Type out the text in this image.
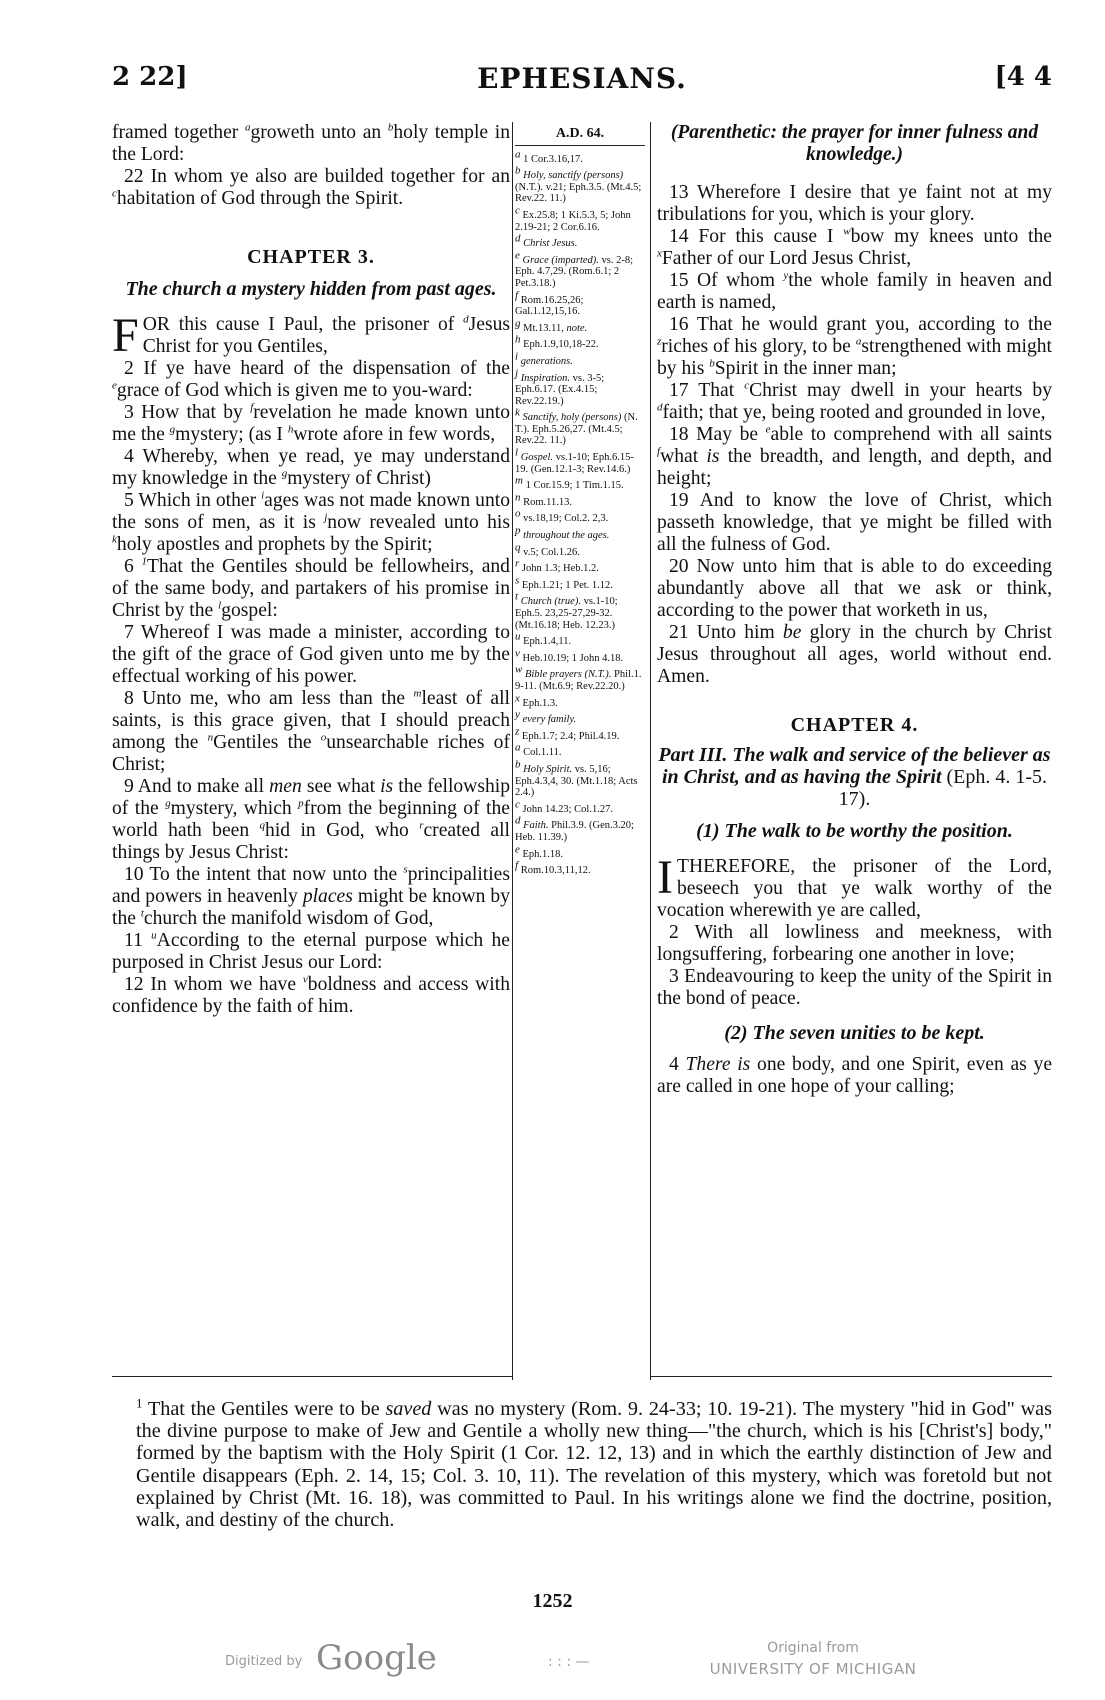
2 22]	EPHESIANS.	[4 4

framed together $^a$groweth unto an $^b$holy temple in the Lord:

22 In whom ye also are builded together for an $^c$habitation of God through the Spirit.

CHAPTER 3.
The church a mystery hidden from past ages.

F OR this cause I Paul, the prisoner of $^d$Jesus Christ for you Gentiles,

2 If ye have heard of the dispensation of the $^e$grace of God which is given me to you-ward:

3 How that by $^f$revelation he made known unto me the $^g$mystery; (as I $^h$wrote afore in few words,

4 Whereby, when ye read, ye may understand my knowledge in the $^g$mystery of Christ)

5 Which in other $^i$ages was not made known unto the sons of men, as it is $^j$now revealed unto his $^k$holy apostles and prophets by the Spirit;

6 $^1$That the Gentiles should be fellowheirs, and of the same body, and partakers of his promise in Christ by the $^l$gospel:

7 Whereof I was made a minister, according to the gift of the grace of God given unto me by the effectual working of his power.

8 Unto me, who am less than the $^m$least of all saints, is this grace given, that I should preach among the $^n$Gentiles the $^o$unsearchable riches of Christ;

9 And to make all men see what is the fellowship of the $^g$mystery, which $^p$from the beginning of the world hath been $^q$hid in God, who $^r$created all things by Jesus Christ:

10 To the intent that now unto the $^s$principalities and powers in heavenly places might be known by the $^t$church the manifold wisdom of God,

11 $^u$According to the eternal purpose which he purposed in Christ Jesus our Lord:

12 In whom we have $^v$boldness and access with confidence by the faith of him.

A.D. 64.
$^a$ 1 Cor.3.16,17.
$^b$ Holy, sanctify (persons)(N.T.). v.21; Eph.3.5. (Mt.4.5; Rev.22. 11.)
$^c$ Ex.25.8; 1 Ki.5.3, 5; John 2.19-21; 2 Cor.6.16.
$^d$ Christ Jesus.
$^e$ Grace (imparted). vs. 2-8; Eph. 4.7,29. (Rom.6.1; 2 Pet.3.18.)
$^f$ Rom.16.25,26; Gal.1.12,15,16.
$^g$ Mt.13.11, note.
$^h$ Eph.1.9,10,18-22.
$^i$ generations.
$^j$ Inspiration. vs. 3-5; Eph.6.17. (Ex.4.15; Rev.22.19.)
$^k$ Sanctify, holy (persons) (N. T.). Eph.5.26,27. (Mt.4.5; Rev.22. 11.)
$^l$ Gospel. vs.1-10; Eph.6.15-19. (Gen.12.1-3; Rev.14.6.)
$^m$ 1 Cor.15.9; 1 Tim.1.15.
$^n$ Rom.11.13.
$^o$ vs.18,19; Col.2. 2,3.
$^p$ throughout the ages.
$^q$ v.5; Col.1.26.
$^r$ John 1.3; Heb.1.2.
$^s$ Eph.1.21; 1 Pet. 1.12.
$^t$ Church (true). vs.1-10; Eph.5. 23,25-27,29-32. (Mt.16.18; Heb. 12.23.)
$^u$ Eph.1.4,11.
$^v$ Heb.10.19; 1 John 4.18.
$^w$ Bible prayers (N.T.). Phil.1. 9-11. (Mt.6.9; Rev.22.20.)
$^x$ Eph.1.3.
$^y$ every family.
$^z$ Eph.1.7; 2.4; Phil.4.19.
$^a$ Col.1.11.
$^b$ Holy Spirit. vs. 5,16; Eph.4.3,4, 30. (Mt.1.18; Acts 2.4.)
$^c$ John 14.23; Col.1.27.
$^d$ Faith. Phil.3.9. (Gen.3.20; Heb. 11.39.)
$^e$ Eph.1.18.
$^f$ Rom.10.3,11,12.
(Parenthetic: the prayer for inner fulness and knowledge.)

13 Wherefore I desire that ye faint not at my tribulations for you, which is your glory.

14 For this cause I $^w$bow my knees unto the $^x$Father of our Lord Jesus Christ,

15 Of whom $^y$the whole family in heaven and earth is named,

16 That he would grant you, according to the $^z$riches of his glory, to be $^a$strengthened with might by his $^b$Spirit in the inner man;

17 That $^c$Christ may dwell in your hearts by $^d$faith; that ye, being rooted and grounded in love,

18 May be $^e$able to comprehend with all saints $^f$what is the breadth, and length, and depth, and height;

19 And to know the love of Christ, which passeth knowledge, that ye might be filled with all the fulness of God.

20 Now unto him that is able to do exceeding abundantly above all that we ask or think, according to the power that worketh in us,

21 Unto him be glory in the church by Christ Jesus throughout all ages, world without end. Amen.

CHAPTER 4.
Part III. The walk and service of the believer as in Christ, and as having the Spirit (Eph. 4. 1-5. 17).
(1) The walk to be worthy the position.

I THEREFORE, the prisoner of the Lord, beseech you that ye walk worthy of the vocation wherewith ye are called,

2 With all lowliness and meekness, with longsuffering, forbearing one another in love;

3 Endeavouring to keep the unity of the Spirit in the bond of peace.

(2) The seven unities to be kept.

4 There is one body, and one Spirit, even as ye are called in one hope of your calling;

$^1$ That the Gentiles were to be saved was no mystery (Rom. 9. 24-33; 10. 19-21). The mystery "hid in God" was the divine purpose to make of Jew and Gentile a wholly new thing—"the church, which is his [Christ's] body," formed by the baptism with the Holy Spirit (1 Cor. 12. 12, 13) and in which the earthly distinction of Jew and Gentile disappears (Eph. 2. 14, 15; Col. 3. 10, 11). The revelation of this mystery, which was foretold but not explained by Christ (Mt. 16. 18), was committed to Paul. In his writings alone we find the doctrine, position, walk, and destiny of the church.
1252
Digitized by Google	: : : —
Original from
UNIVERSITY OF MICHIGAN
